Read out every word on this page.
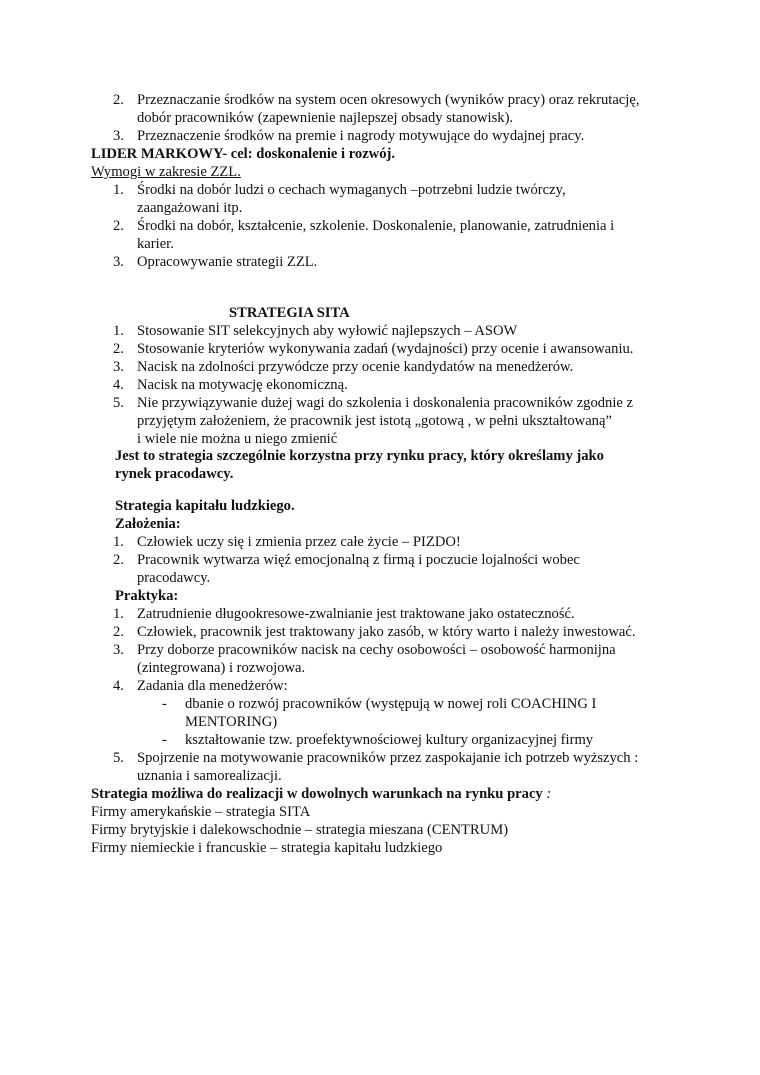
2. Przeznaczanie środków na system ocen okresowych (wyników pracy) oraz rekrutację,
dobór pracowników (zapewnienie najlepszej obsady stanowisk).
3. Przeznaczenie środków na premie i nagrody motywujące do wydajnej pracy.
LIDER MARKOWY- cel: doskonalenie i rozwój.
Wymogi w zakresie ZZL.
1. Środki na dobór ludzi o cechach wymaganych –potrzebni ludzie twórczy,
zaangażowani itp.
2. Środki na dobór, kształcenie, szkolenie. Doskonalenie, planowanie, zatrudnienia i
karier.
3. Opracowywanie strategii ZZL.
STRATEGIA SITA
1. Stosowanie SIT selekcyjnych aby wyłowić najlepszych – ASOW
2. Stosowanie kryteriów wykonywania zadań (wydajności) przy ocenie i awansowaniu.
3. Nacisk na zdolności przywódcze przy ocenie kandydatów na menedżerów.
4. Nacisk na motywację ekonomiczną.
5. Nie przywiązywanie dużej wagi do szkolenia i doskonalenia pracowników zgodnie z
przyjętym założeniem, że pracownik jest istotą „gotową , w pełni ukształtowaną”
i wiele nie można u niego zmienić
Jest to strategia szczególnie korzystna przy rynku pracy, który określamy jako
rynek pracodawcy.
Strategia kapitału ludzkiego.
Założenia:
1. Człowiek uczy się i zmienia przez całe życie – PIZDO!
2. Pracownik wytwarza więź emocjonalną z firmą i poczucie lojalności wobec
pracodawcy.
Praktyka:
1. Zatrudnienie długookresowe-zwalnianie jest traktowane jako ostateczność.
2. Człowiek, pracownik jest traktowany jako zasób, w który warto i należy inwestować.
3. Przy doborze pracowników nacisk na cechy osobowości – osobowość harmonijna
(zintegrowana) i rozwojowa.
4. Zadania dla menedżerów:
- dbanie o rozwój pracowników (występują w nowej roli COACHING I
MENTORING)
- kształtowanie tzw. proefektywnościowej kultury organizacyjnej firmy
5. Spojrzenie na motywowanie pracowników przez zaspokajanie ich potrzeb wyższych :
uznania i samorealizacji.
Strategia możliwa do realizacji w dowolnych warunkach na rynku pracy :
Firmy amerykańskie – strategia SITA
Firmy brytyjskie i dalekowschodnie – strategia mieszana (CENTRUM)
Firmy niemieckie i francuskie – strategia kapitału ludzkiego
